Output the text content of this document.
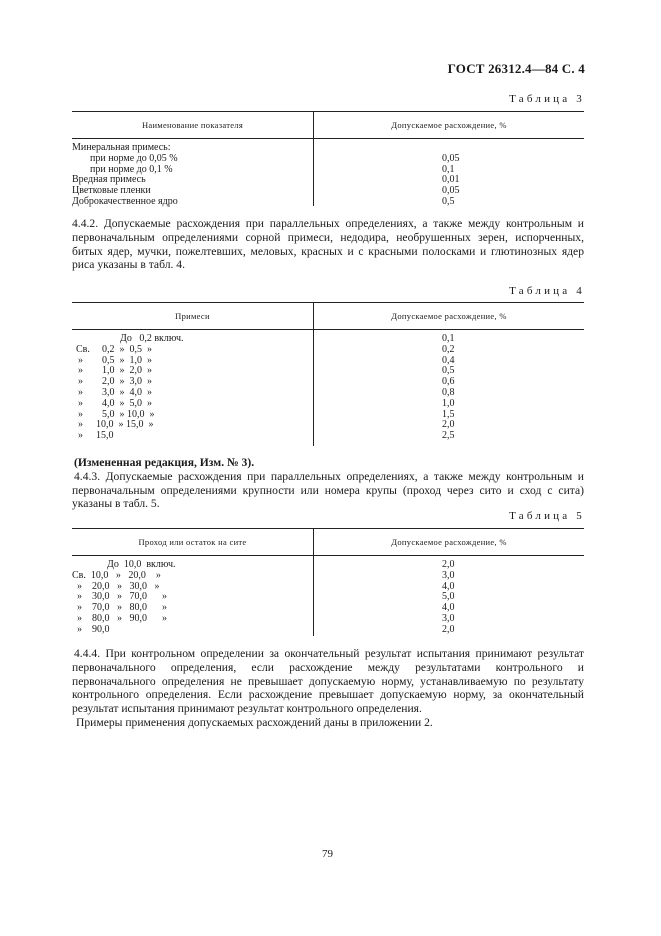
ГОСТ 26312.4—84 С. 4
Таблица 3
Наименование показателя	Допускаемое расхождение, %
Минеральная примесь:
при норме до 0,05 %	0,05
при норме до 0,1 %	0,1
Вредная примесь	0,01
Цветковые пленки	0,05
Доброкачественное ядро	0,5

4.4.2. Допускаемые расхождения при параллельных определениях, а также между контрольным и первоначальным определениями сорной примеси, недодира, необрушенных зерен, испорченных, битых ядер, мучки, пожелтевших, меловых, красных и с красными полосками и глютинозных ядер риса указаны в табл. 4.

Таблица 4
Примеси	Допускаемое расхождение, %
До   0,2 включ.	0,1
Св. 0,2  »  0,5  »	0,2
» 0,5  »  1,0  »	0,4
» 1,0  »  2,0  »	0,5
» 2,0  »  3,0  »	0,6
» 3,0  »  4,0  »	0,8
» 4,0  »  5,0  »	1,0
» 5,0  » 10,0  »	1,5
» 10,0  » 15,0  »	2,0
» 15,0	2,5

(Измененная редакция, Изм. № 3).

4.4.3. Допускаемые расхождения при параллельных определениях, а также между контрольным и первоначальным определениями крупности или номера крупы (проход через сито и сход с сита) указаны в табл. 5.

Таблица 5
Проход или остаток на сите	Допускаемое расхождение, %
До  10,0  включ.	2,0
Св.  10,0   »   20,0    »	3,0
»    20,0   »   30,0   »	4,0
»    30,0   »   70,0      »	5,0
»    70,0   »   80,0      »	4,0
»    80,0   »   90,0      »	3,0
»    90,0	2,0

4.4.4. При контрольном определении за окончательный результат испытания принимают результат первоначального определения, если расхождение между результатами контрольного и первоначального определения не превышает допускаемую норму, устанавливаемую по результату контрольного определения. Если расхождение превышает допускаемую норму, за окончательный результат испытания принимают результат контрольного определения.

Примеры применения допускаемых расхождений даны в приложении 2.

79
